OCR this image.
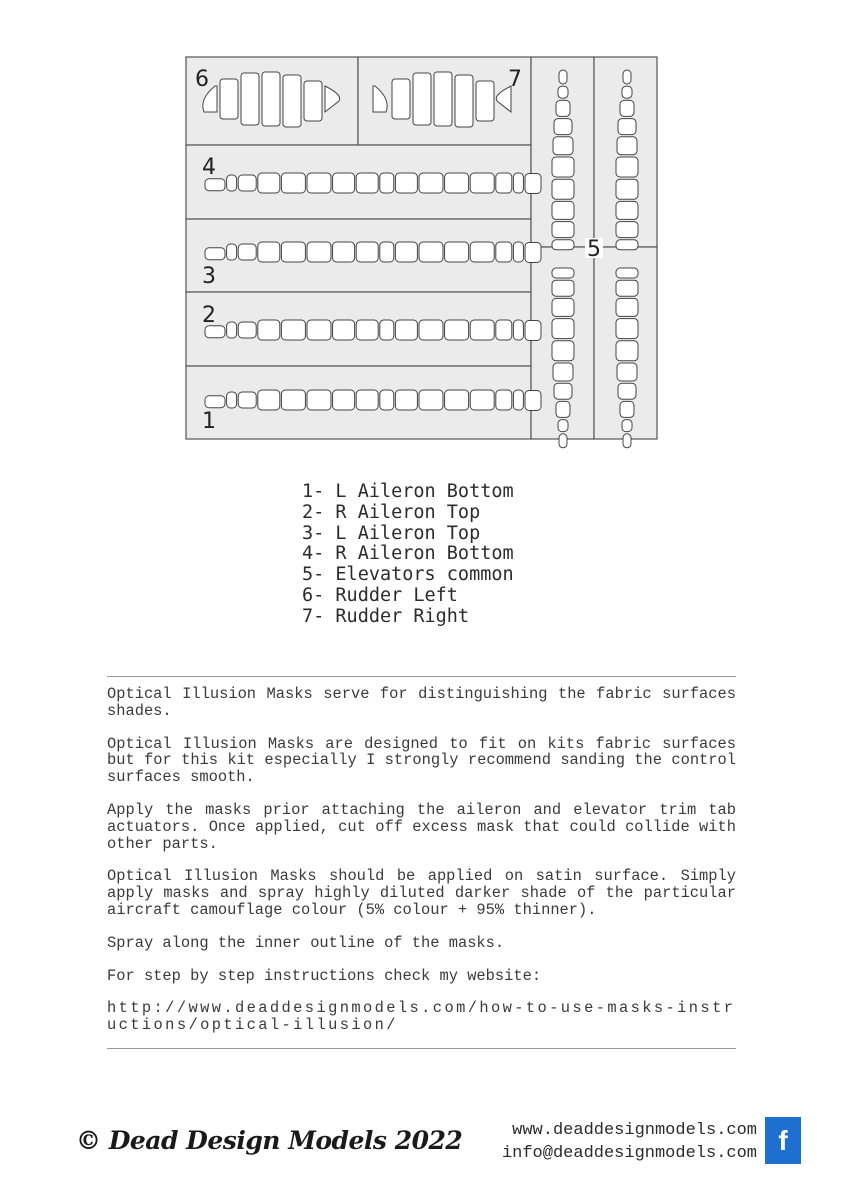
6	7
4
3
2
1
5
1- L Aileron Bottom
2- R Aileron Top
3- L Aileron Top
4- R Aileron Bottom
5- Elevators common
6- Rudder Left
7- Rudder Right

Optical Illusion Masks serve for distinguishing the fabric surfaces shades.

Optical Illusion Masks are designed to fit on kits fabric surfaces but for this kit especially I strongly recommend sanding the control surfaces smooth.

Apply the masks prior attaching the aileron and elevator trim tab actuators. Once applied, cut off excess mask that could collide with other parts.

Optical Illusion Masks should be applied on satin surface. Simply apply masks and spray highly diluted darker shade of the particular aircraft camouflage colour (5% colour + 95% thinner).

Spray along the inner outline of the masks.

For step by step instructions check my website:

http://www.deaddesignmodels.com/how-to-use-masks-instructions/optical-illusion/

© Dead Design Models 2022	www.deaddesignmodels.com
info@deaddesignmodels.com f
